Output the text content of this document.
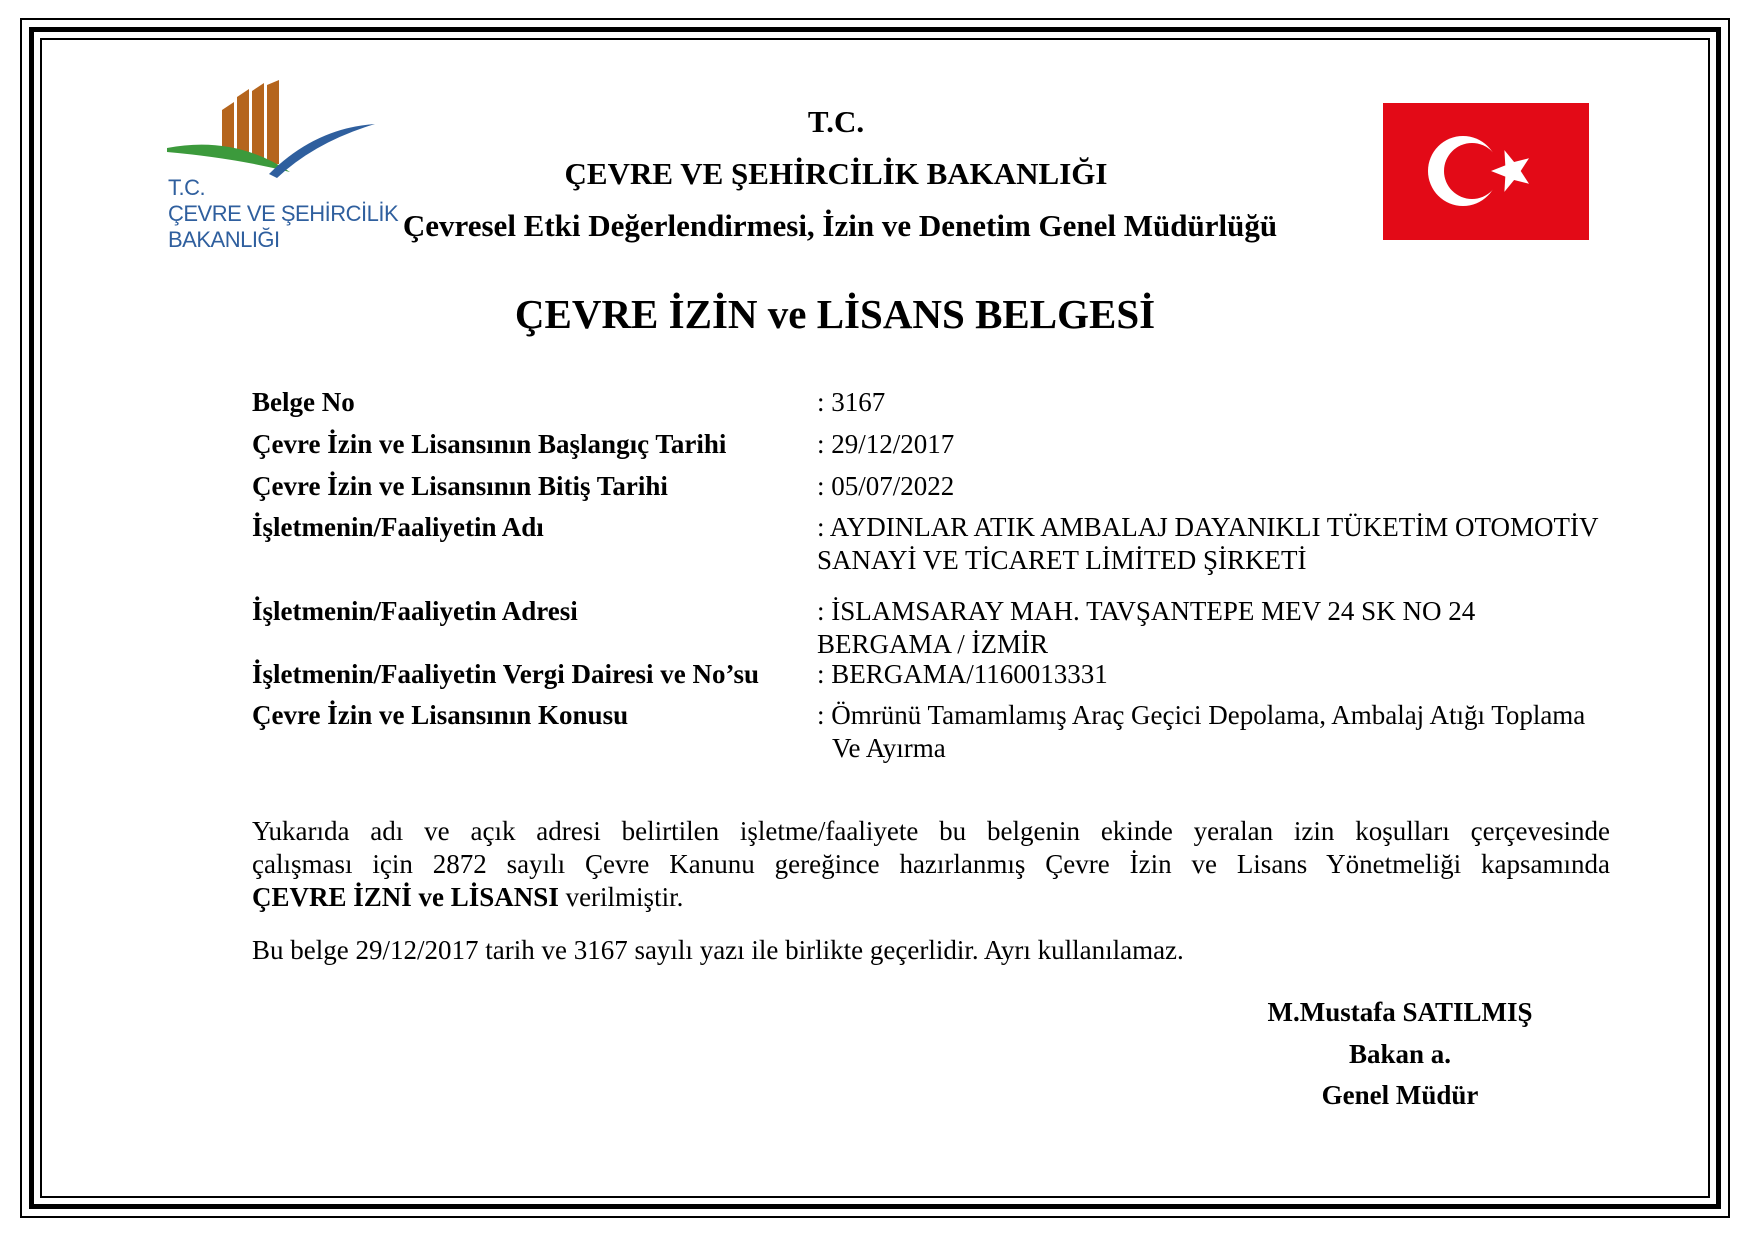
T.C.
ÇEVRE VE ŞEHİRCİLİK
BAKANLIĞI
T.C.
ÇEVRE VE ŞEHİRCİLİK BAKANLIĞI
Çevresel Etki Değerlendirmesi, İzin ve Denetim Genel Müdürlüğü
ÇEVRE İZİN ve LİSANS BELGESİ
Belge No	: 3167
Çevre İzin ve Lisansının Başlangıç Tarihi	: 29/12/2017
Çevre İzin ve Lisansının Bitiş Tarihi	: 05/07/2022
İşletmenin/Faaliyetin Adı	: AYDINLAR ATIK AMBALAJ DAYANIKLI TÜKETİM OTOMOTİV
SANAYİ VE TİCARET LİMİTED ŞİRKETİ
İşletmenin/Faaliyetin Adresi	: İSLAMSARAY MAH. TAVŞANTEPE MEV 24 SK NO 24
BERGAMA / İZMİR
İşletmenin/Faaliyetin Vergi Dairesi ve No’su : BERGAMA/1160013331
Çevre İzin ve Lisansının Konusu	: Ömrünü Tamamlamış Araç Geçici Depolama, Ambalaj Atığı Toplama
Ve Ayırma
Yukarıda adı ve açık adresi belirtilen işletme/faaliyete bu belgenin ekinde yeralan izin koşulları çerçevesinde
çalışması için 2872 sayılı Çevre Kanunu gereğince hazırlanmış Çevre İzin ve Lisans Yönetmeliği kapsamında
ÇEVRE İZNİ ve LİSANSI verilmiştir.
Bu belge 29/12/2017 tarih ve 3167 sayılı yazı ile birlikte geçerlidir. Ayrı kullanılamaz.
M.Mustafa SATILMIŞ
Bakan a.
Genel Müdür
